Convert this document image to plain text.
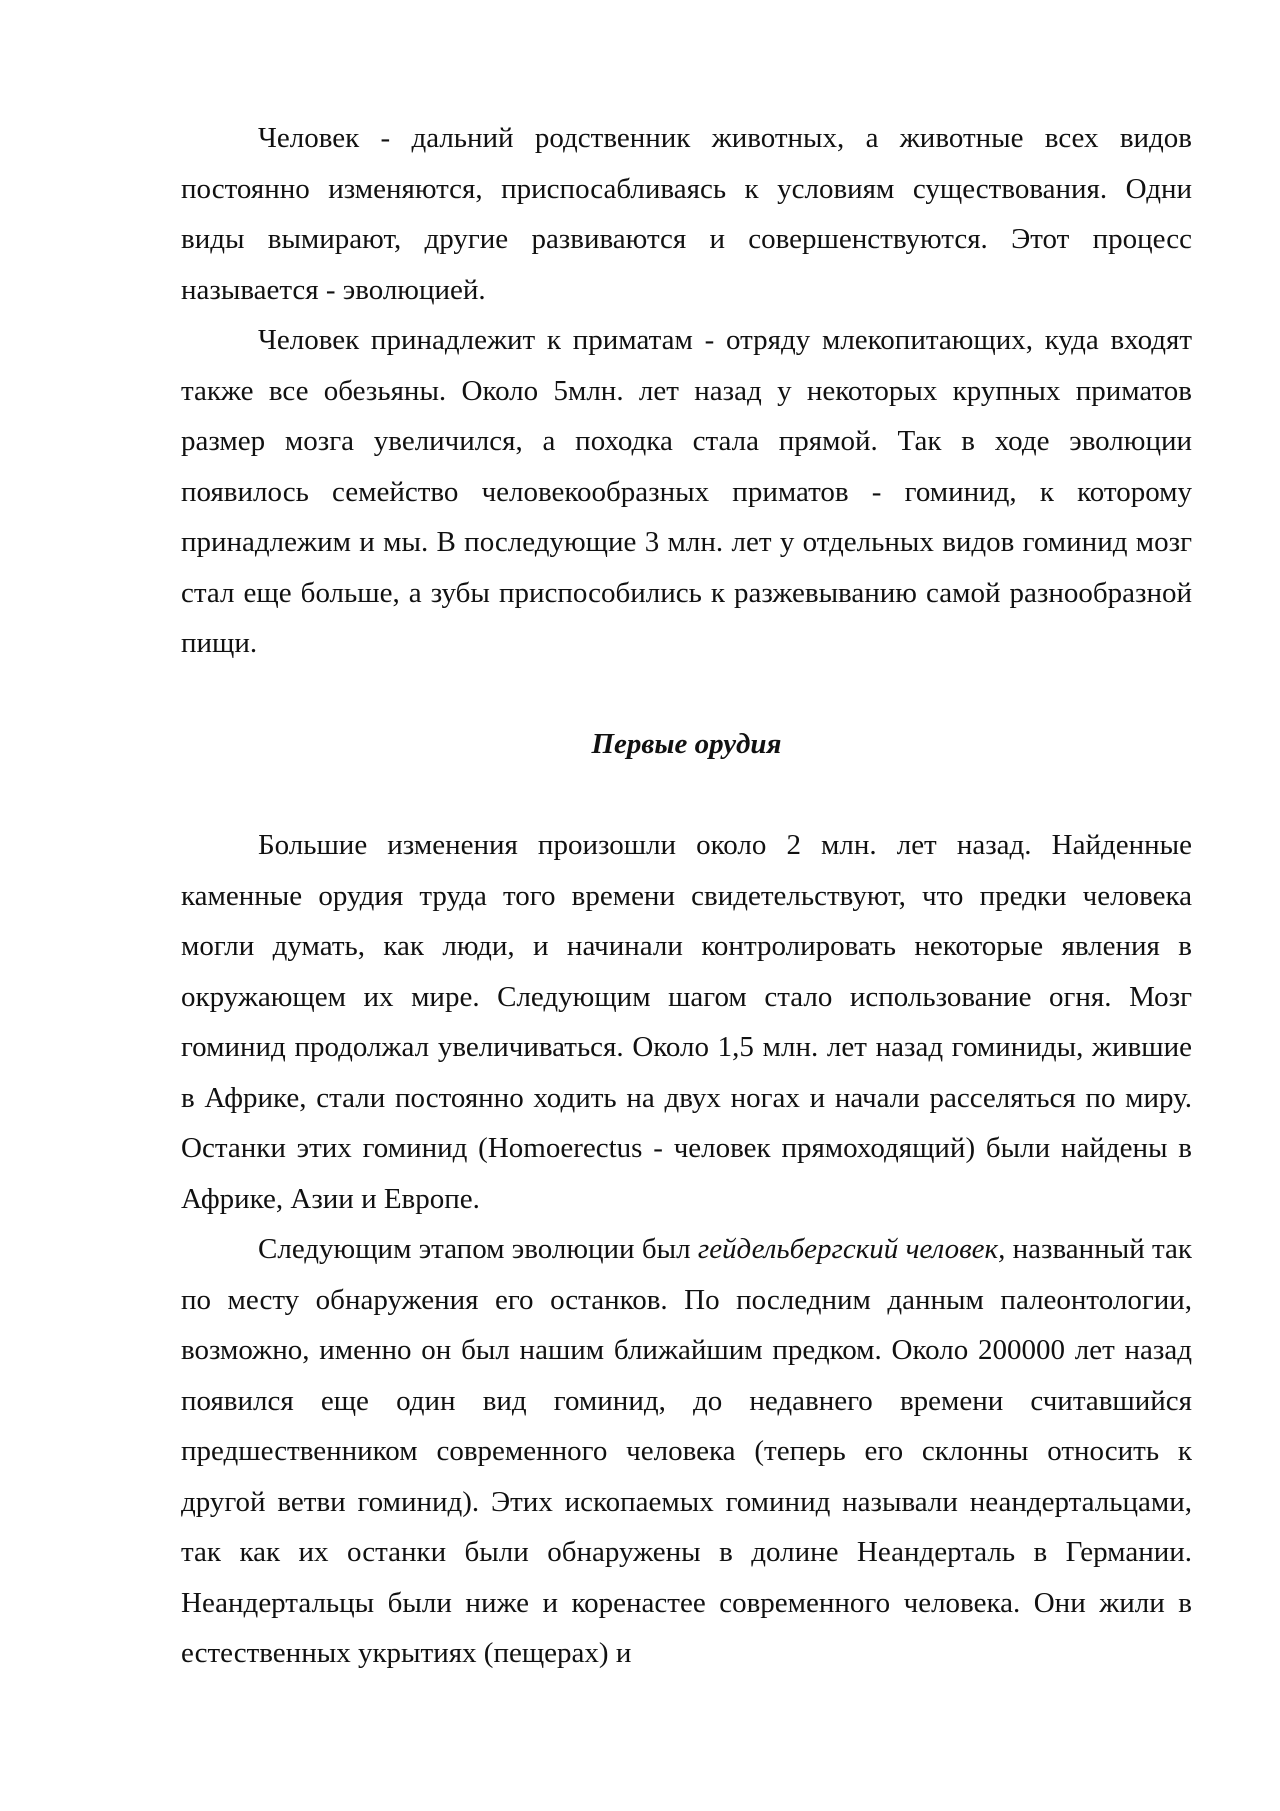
Человек - дальний родственник животных, а животные всех видов постоянно изменяются, приспосабливаясь к условиям существования. Одни виды вымирают, другие развиваются и совершенствуются. Этот процесс называется - эволюцией.

Человек принадлежит к приматам - отряду млекопитающих, куда входят также все обезьяны. Около 5млн. лет назад у некоторых крупных приматов размер мозга увеличился, а походка стала прямой. Так в ходе эволюции появилось семейство человекообразных приматов - гоминид, к которому принадлежим и мы. В последующие 3 млн. лет у отдельных видов гоминид мозг стал еще больше, а зубы приспособились к разжевыванию самой разнообразной пищи.

Первые орудия

Большие изменения произошли около 2 млн. лет назад. Найденные каменные орудия труда того времени свидетельствуют, что предки человека могли думать, как люди, и начинали контролировать некоторые явления в окружающем их мире. Следующим шагом стало использование огня. Мозг гоминид продолжал увеличиваться. Около 1,5 млн. лет назад гоминиды, жившие в Африке, стали постоянно ходить на двух ногах и начали расселяться по миру. Останки этих гоминид (Homoerectus - человек прямоходящий) были найдены в Африке, Азии и Европе.

Следующим этапом эволюции был гейдельбергский человек, названный так по месту обнаружения его останков. По последним данным палеонтологии, возможно, именно он был нашим ближайшим предком. Около 200000 лет назад появился еще один вид гоминид, до недавнего времени считавшийся предшественником современного человека (теперь его склонны относить к другой ветви гоминид). Этих ископаемых гоминид называли неандертальцами, так как их останки были обнаружены в долине Неандерталь в Германии. Неандертальцы были ниже и коренастее современного человека. Они жили в естественных укрытиях (пещерах) и
